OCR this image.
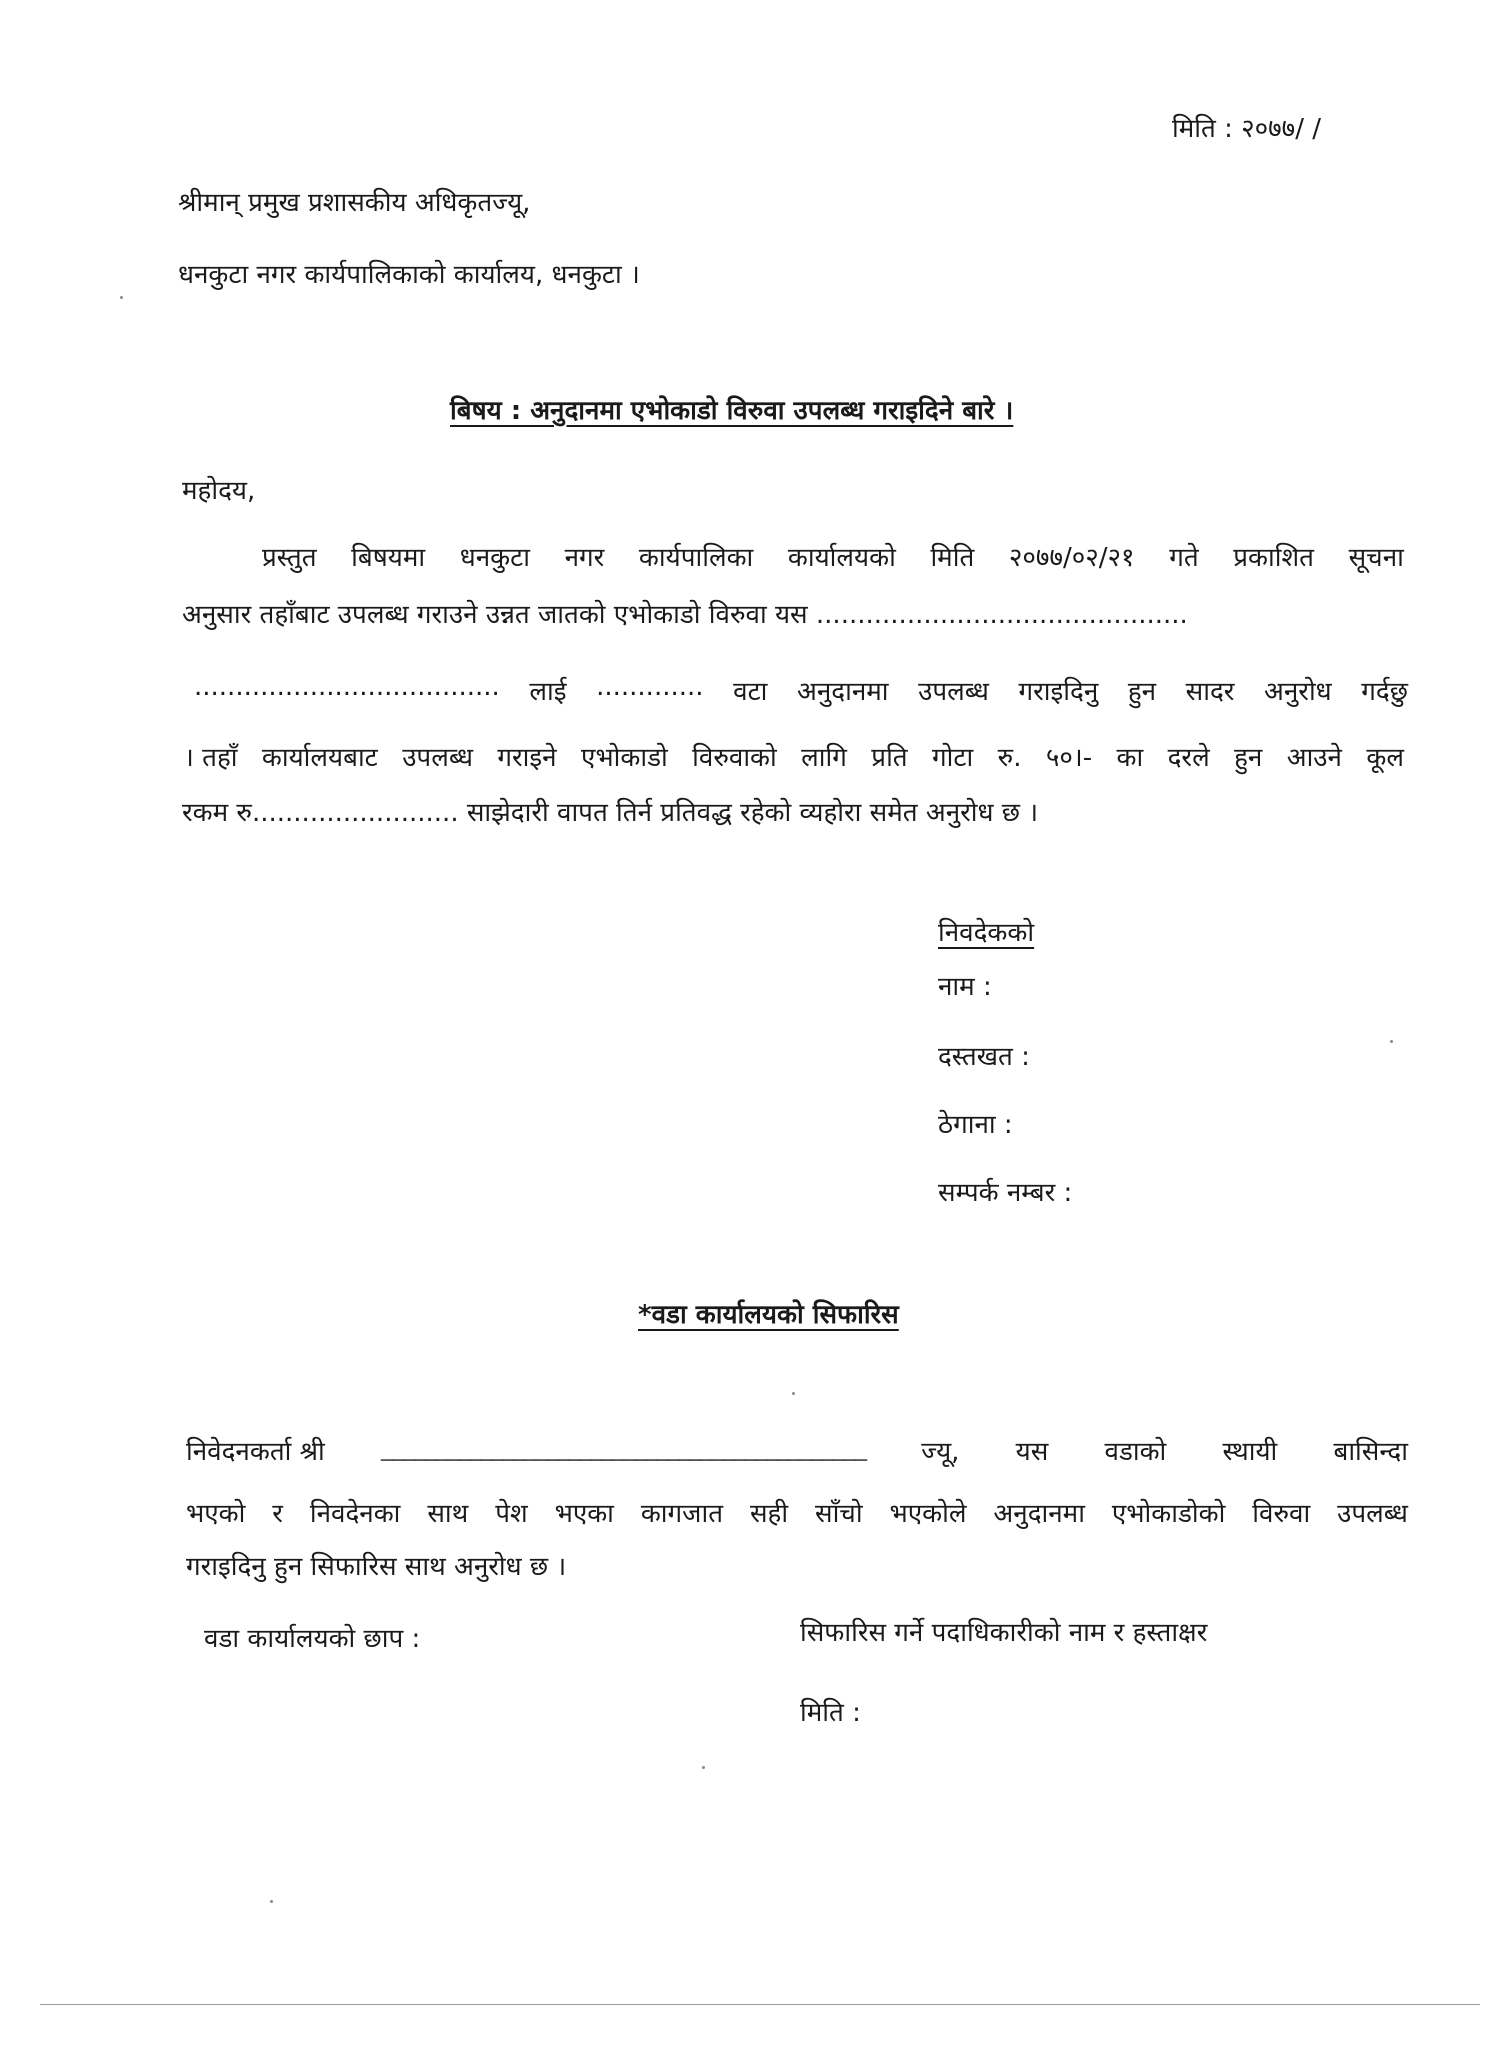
मिति : २०७७/ /
श्रीमान् प्रमुख प्रशासकीय अधिकृतज्यू,
धनकुटा नगर कार्यपालिकाको कार्यालय, धनकुटा ।
बिषय : अनुदानमा एभोकाडो विरुवा उपलब्ध गराइदिने बारे ।
महोदय,
प्रस्तुत बिषयमा धनकुटा नगर कार्यपालिका कार्यालयको मिति २०७७/०२/२१ गते प्रकाशित सूचना
अनुसार तहाँबाट उपलब्ध गराउने उन्नत जातको एभोकाडो विरुवा यस .............................................
..................................... लाई ............. वटा अनुदानमा उपलब्ध गराइदिनु हुन सादर अनुरोध गर्दछु
। तहाँ कार्यालयबाट उपलब्ध गराइने एभोकाडो विरुवाको लागि प्रति गोटा रु. ५०।- का दरले हुन आउने कूल
रकम रु......................... साझेदारी वापत तिर्न प्रतिवद्ध रहेको व्यहोरा समेत अनुरोध छ ।
निवदेकको
नाम :
दस्तखत :
ठेगाना :
सम्पर्क नम्बर :
*वडा कार्यालयको सिफारिस
निवेदनकर्ता श्री ____________________________________________ ज्यू, यस वडाको स्थायी बासिन्दा
भएको र निवदेनका साथ पेश भएका कागजात सही साँचो भएकोले अनुदानमा एभोकाडोको विरुवा उपलब्ध
गराइदिनु हुन सिफारिस साथ अनुरोध छ ।
वडा कार्यालयको छाप :	सिफारिस गर्ने पदाधिकारीको नाम र हस्ताक्षर
मिति :
